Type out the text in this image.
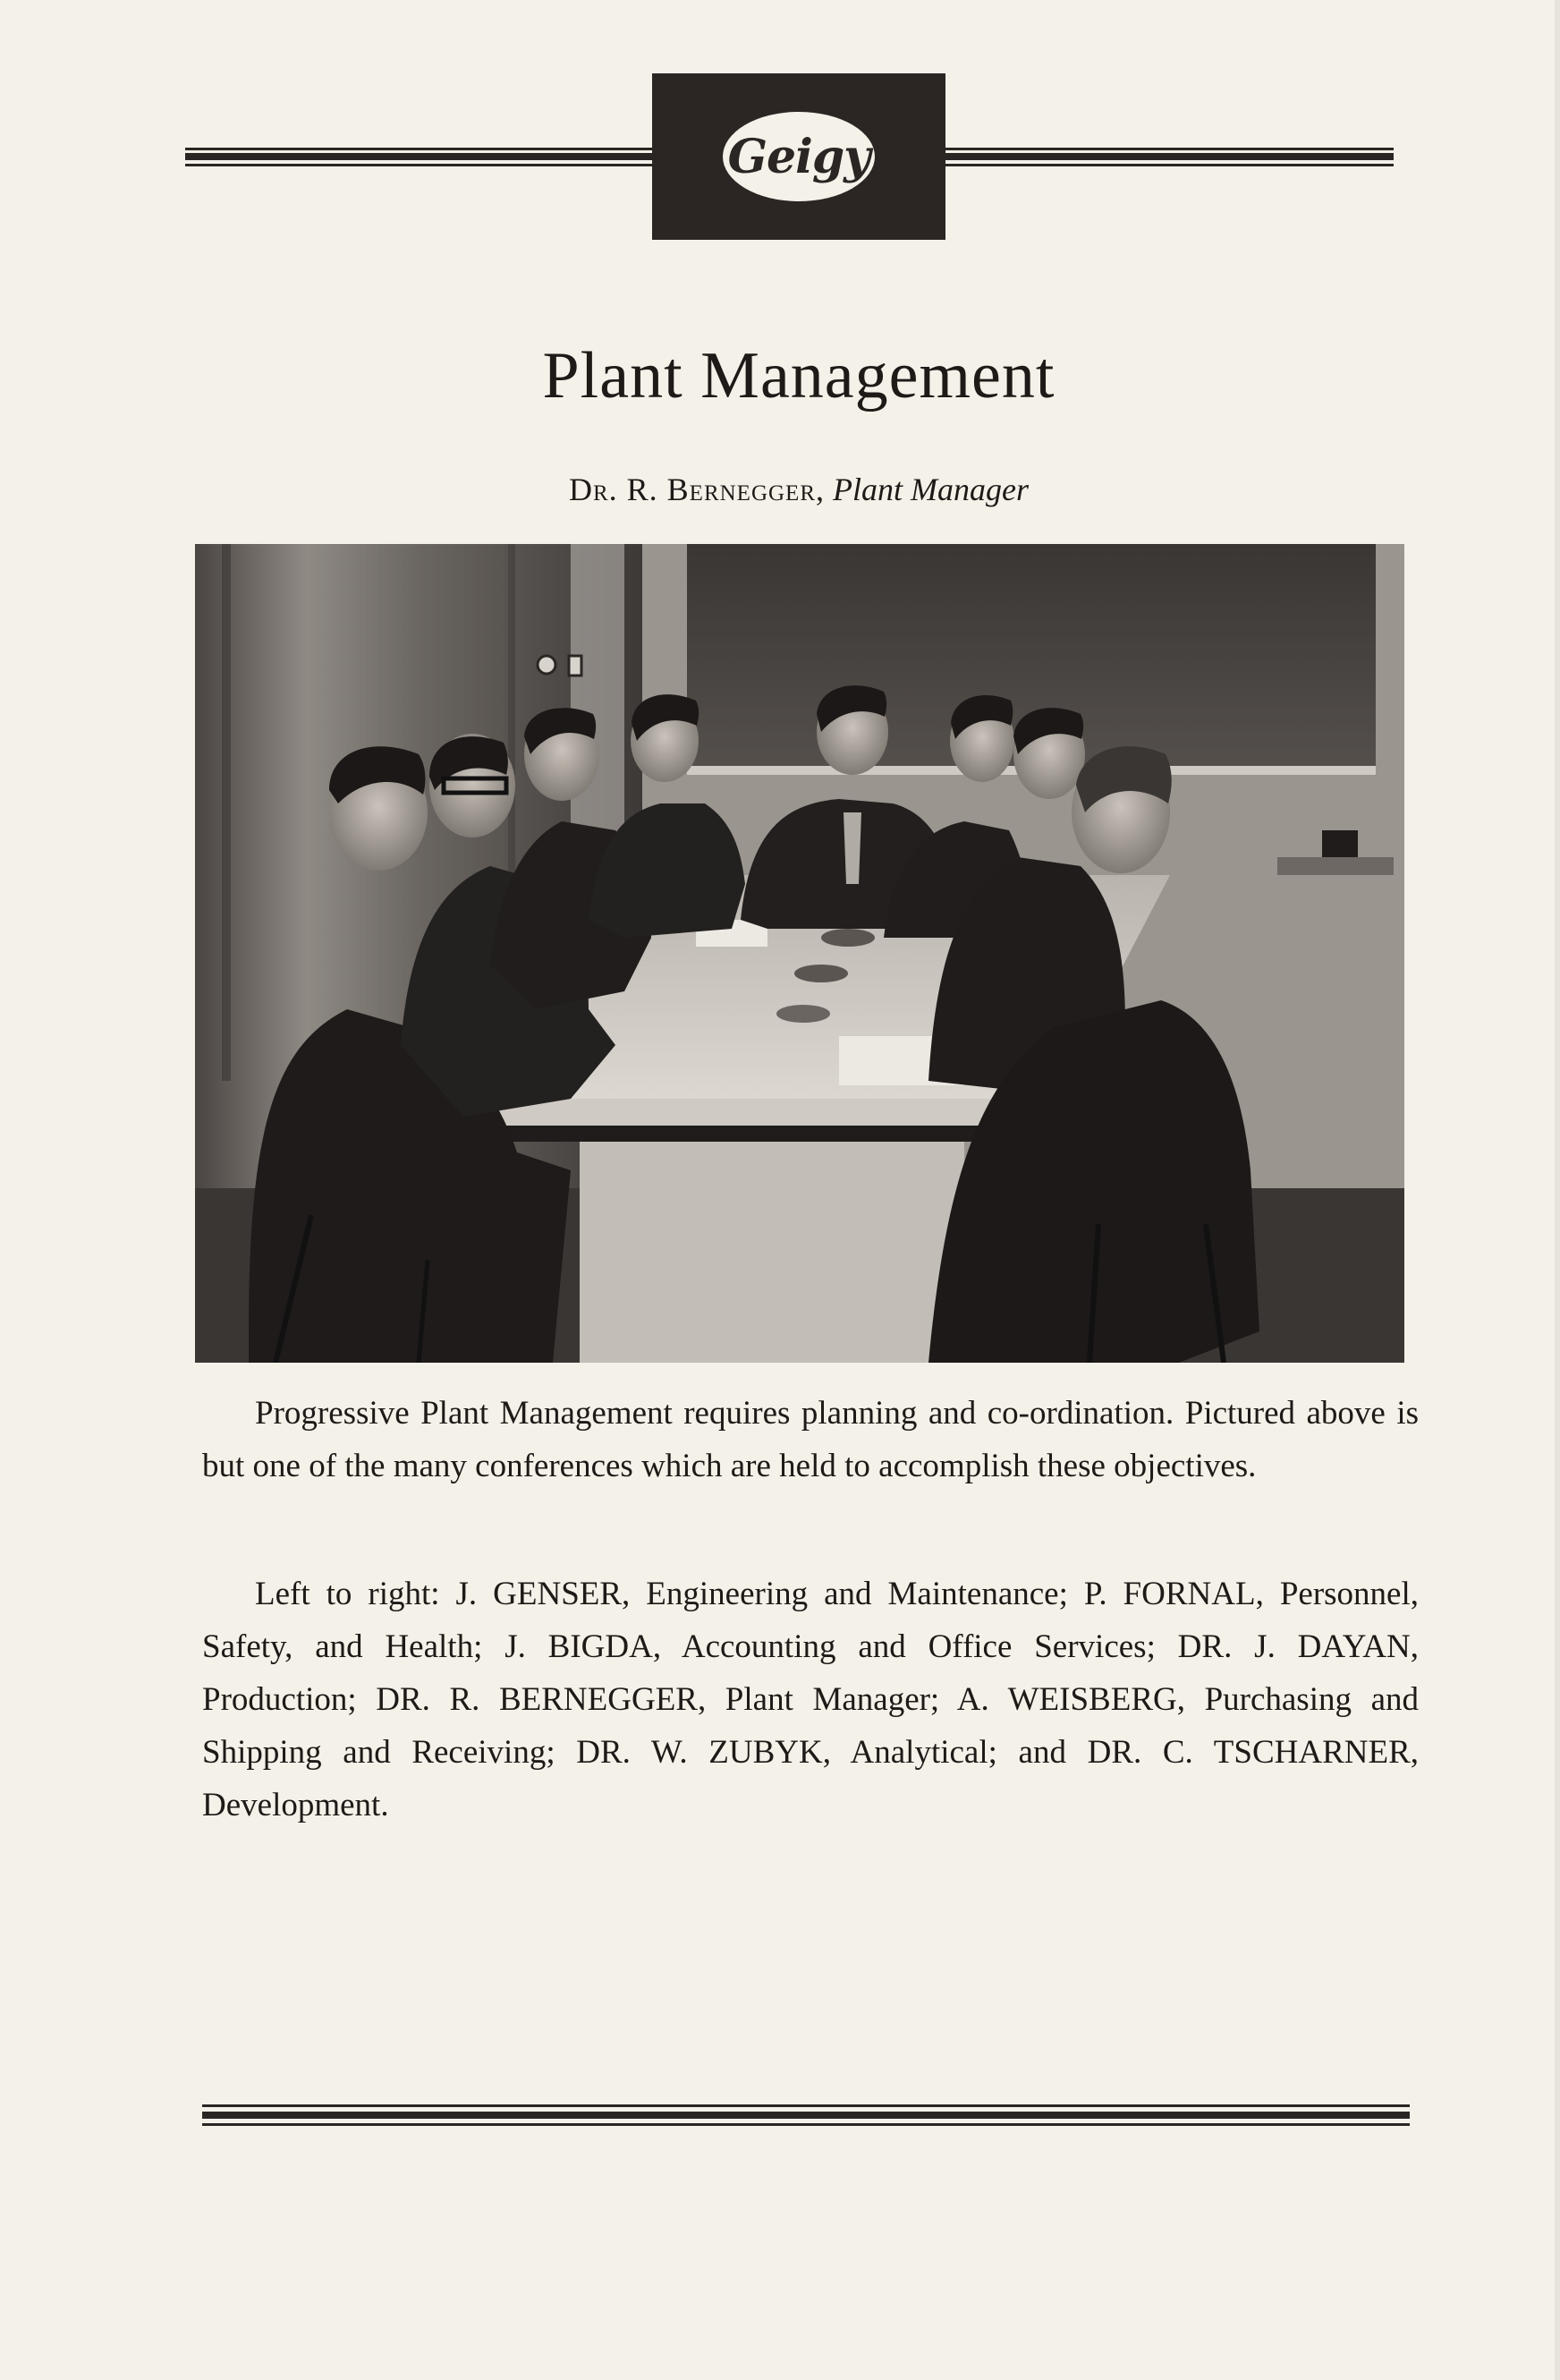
Geigy
Plant Management
Dr. R. Bernegger, Plant Manager

Progressive Plant Management requires planning and co-ordination. Pictured above is but one of the many conferences which are held to accomplish these objectives.

Left to right: J. GENSER, Engineering and Maintenance; P. FORNAL, Personnel, Safety, and Health; J. BIGDA, Accounting and Office Services; DR. J. DAYAN, Production; DR. R. BERNEGGER, Plant Manager; A. WEISBERG, Purchasing and Shipping and Receiving; DR. W. ZUBYK, Analytical; and DR. C. TSCHARNER, Development.
